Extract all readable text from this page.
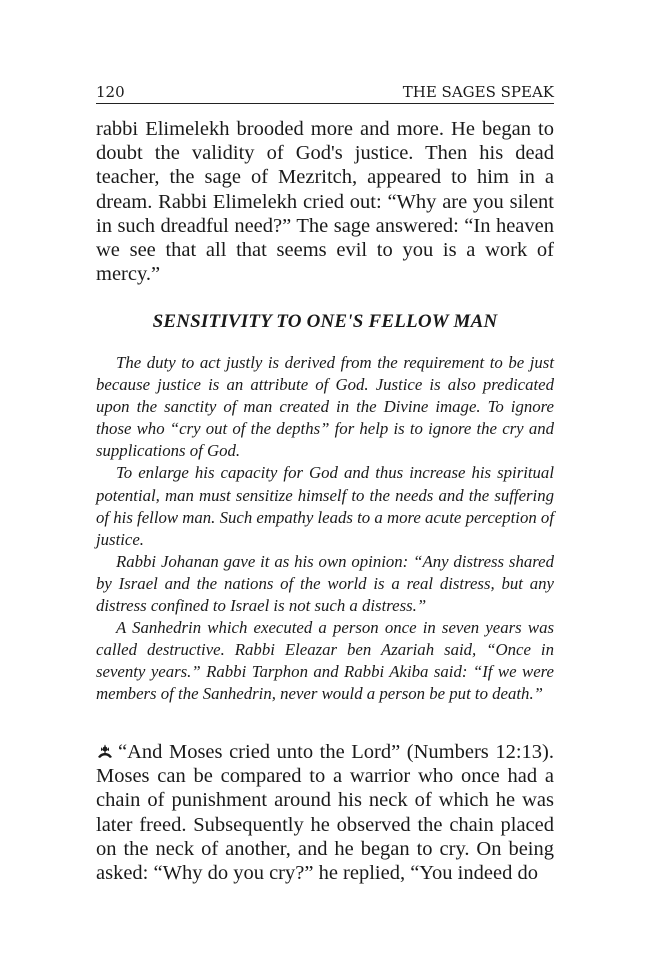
120	THE SAGES SPEAK

rabbi Elimelekh brooded more and more. He began to doubt the validity of God's justice. Then his dead teacher, the sage of Mezritch, appeared to him in a dream. Rabbi Elimelekh cried out: “Why are you silent in such dreadful need?” The sage answered: “In heaven we see that all that seems evil to you is a work of mercy.”

SENSITIVITY TO ONE'S FELLOW MAN

The duty to act justly is derived from the requirement to be just because justice is an attribute of God. Justice is also predicated upon the sanctity of man created in the Divine image. To ignore those who “cry out of the depths” for help is to ignore the cry and supplications of God.

To enlarge his capacity for God and thus increase his spiritual potential, man must sensitize himself to the needs and the suffering of his fellow man. Such empathy leads to a more acute perception of justice.

Rabbi Johanan gave it as his own opinion: “Any distress shared by Israel and the nations of the world is a real distress, but any distress confined to Israel is not such a distress.”

A Sanhedrin which executed a person once in seven years was called destructive. Rabbi Eleazar ben Azariah said, “Once in seventy years.” Rabbi Tarphon and Rabbi Akiba said: “If we were members of the Sanhedrin, never would a person be put to death.”

“And Moses cried unto the Lord” (Numbers 12:13). Moses can be compared to a warrior who once had a chain of punishment around his neck of which he was later freed. Subsequently he observed the chain placed on the neck of another, and he began to cry. On being asked: “Why do you cry?” he replied, “You indeed do
